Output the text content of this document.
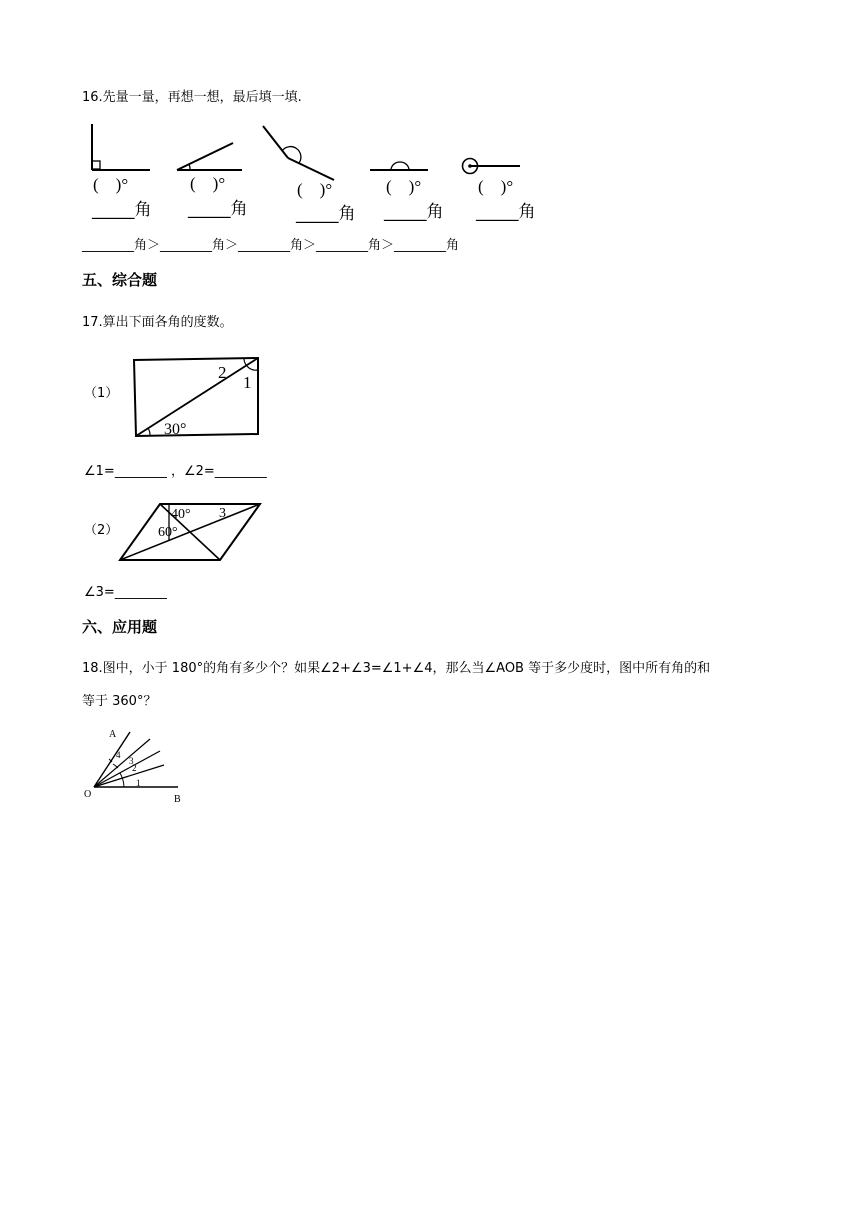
16.先量一量，再想一想，最后填一填.
(　)°	(　)°	(　)°	(　)°	(　)°
_____角 _____角	_____角 _____角 _____角
________角＞________角＞________角＞________角＞________角
五、综合题
17.算出下面各角的度数。
（1）
30°
2
1
∠1=________ ，∠2=________
（2）
40° 3
60°
∠3=________
六、应用题
18.图中，小于 180°的角有多少个？如果∠2+∠3=∠1+∠4，那么当∠AOB 等于多少度时，图中所有角的和
等于 360°？
A
O	B
1
2
3
4
